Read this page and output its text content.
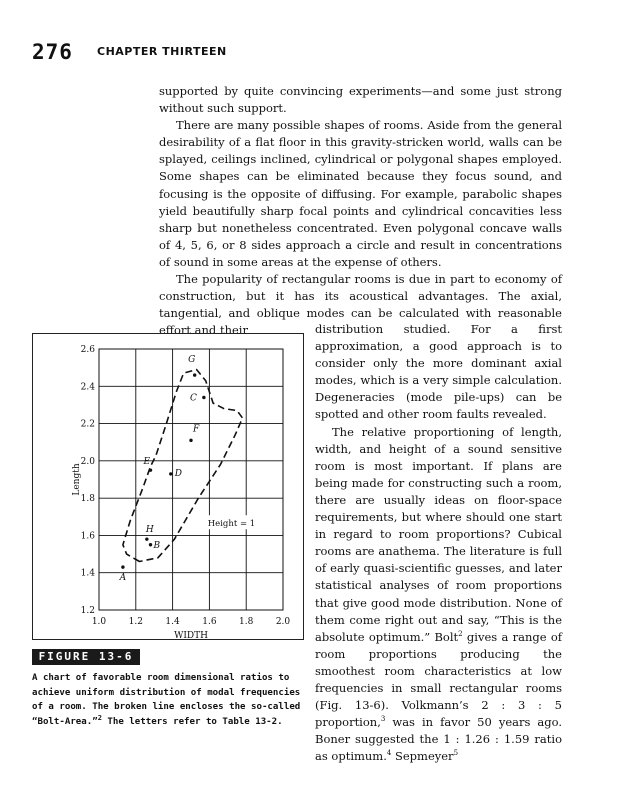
276 CHAPTER THIRTEEN

supported by quite convincing experiments—and some just strong without such support.

There are many possible shapes of rooms. Aside from the general desirability of a flat floor in this gravity-stricken world, walls can be splayed, ceilings inclined, cylindrical or polygonal shapes employed. Some shapes can be eliminated because they focus sound, and focusing is the opposite of diffusing. For example, parabolic shapes yield beautifully sharp focal points and cylindrical concavities less sharp but nonetheless concentrated. Even polygonal concave walls of 4, 5, 6, or 8 sides approach a circle and result in concentrations of sound in some areas at the expense of others.

The popularity of rectangular rooms is due in part to economy of construction, but it has its acoustical advantages. The axial, tangential, and oblique modes can be calculated with reasonable effort and their	distribution studied. For a first approximation, a good approach is to consider only the more dominant axial modes, which is a very simple calculation. Degeneracies (mode pile-ups) can be spotted and other room faults revealed.

The relative proportioning of length, width, and height of a sound sensitive room is most important. If plans are being made for constructing such a room, there are usually ideas on floor-space requirements, but where should one start in regard to room proportions? Cubical rooms are anathema. The literature is full of early quasi-scientific guesses, and later statistical analyses of room proportions that give good mode distribution. None of them come right out and say, “This is the absolute optimum.” Bolt$^2$ gives a range of room proportions producing the smoothest room characteristics at low frequencies in small rectangular rooms (Fig. 13-6). Volkmann’s 2 : 3 : 5 proportion,$^3$ was in favor 50 years ago. Boner suggested the 1 : 1.26 : 1.59 ratio as optimum.$^4$ Sepmeyer$^5$

1.0 1.2 1.4 1.6 1.8 2.0
1.2
1.4
1.6
1.8
2.0
2.2
2.4
2.6
WIDTH
Length
Height = 1
A
B
H
E
D
F
C
G
FIGURE 13-6
A chart of favorable room dimensional ratios to achieve uniform distribution of modal frequencies of a room. The broken line encloses the so-called “Bolt-Area.”$^2$ The letters refer to Table 13-2.
